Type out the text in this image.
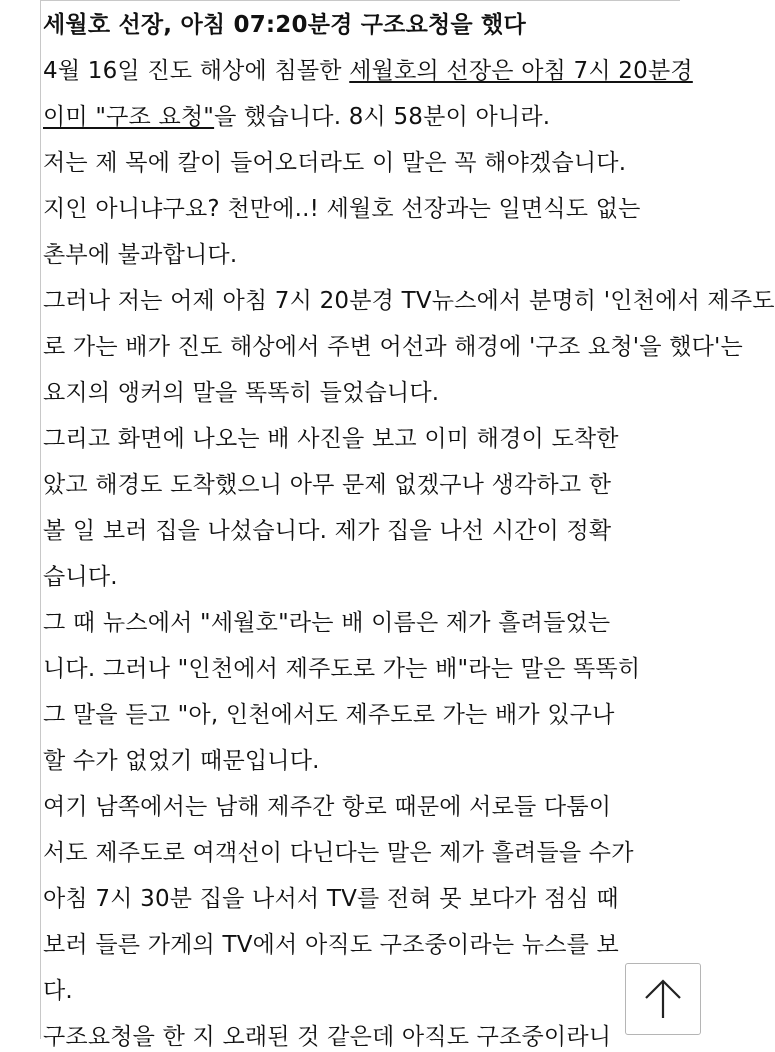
세월호 선장, 아침 07:20분경 구조요청을 했다
4월 16일 진도 해상에 침몰한 세월호의 선장은 아침 7시 20분경
이미 "구조 요청"을 했습니다. 8시 58분이 아니라.
저는 제 목에 칼이 들어오더라도 이 말은 꼭 해야겠습니다.
지인 아니냐구요? 천만에..! 세월호 선장과는 일면식도 없는
촌부에 불과합니다.
그러나 저는 어제 아침 7시 20분경 TV뉴스에서 분명히 '인천에서 제주도
로 가는 배가 진도 해상에서 주변 어선과 해경에 '구조 요청'을 했다'는
요지의 앵커의 말을 똑똑히 들었습니다.
그리고 화면에 나오는 배 사진을 보고 이미 해경이 도착한
았고 해경도 도착했으니 아무 문제 없겠구나 생각하고 한
볼 일 보러 집을 나섰습니다. 제가 집을 나선 시간이 정확
습니다.
그 때 뉴스에서 "세월호"라는 배 이름은 제가 흘려들었는
니다. 그러나 "인천에서 제주도로 가는 배"라는 말은 똑똑히
그 말을 듣고 "아, 인천에서도 제주도로 가는 배가 있구나
할 수가 없었기 때문입니다.
여기 남쪽에서는 남해 제주간 항로 때문에 서로들 다툼이
서도 제주도로 여객선이 다닌다는 말은 제가 흘려들을 수가
아침 7시 30분 집을 나서서 TV를 전혀 못 보다가 점심 때
보러 들른 가게의 TV에서 아직도 구조중이라는 뉴스를 보
다.
구조요청을 한 지 오래된 것 같은데 아직도 구조중이라니
